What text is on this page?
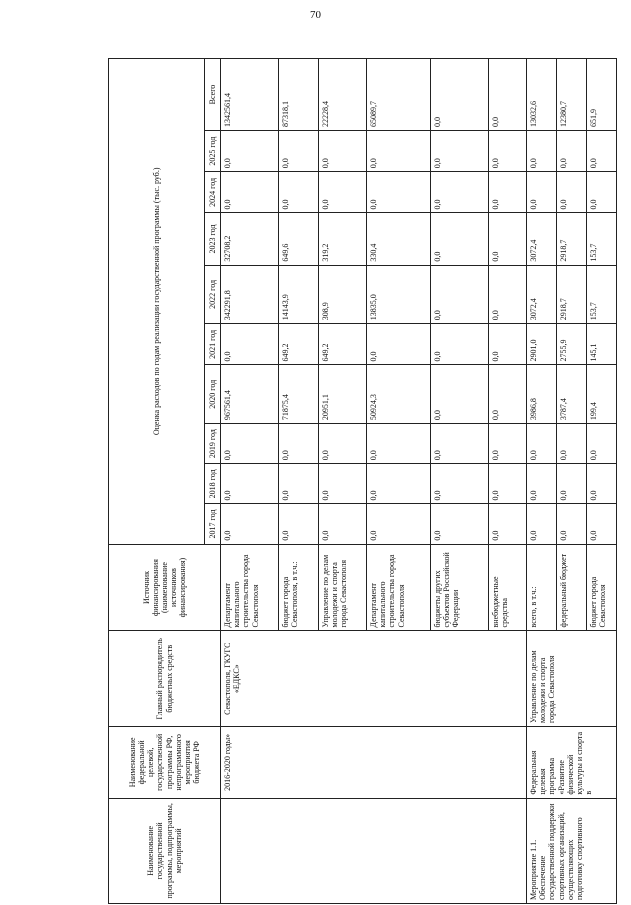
70
Наименование государственной программы, подпрограммы, мероприятий	Наименование федеральной целевой, государственной программы РФ, непрограммного мероприятия бюджета РФ	Главный распорядитель бюджетных средств	Источник финансирования (наименование источников финансирования)	Оценка расходов по годам реализации государственной программы (тыс. руб.)									
				2017 год	2018 год	2019 год	2020 год	2021 год	2022 год	2023 год	2024 год	2025 год	Всего
	2016-2020 годы»	Севастополя, ГКУГС «ЕДКС»	Департамент капитального строительства города Севастополя	0,0	0,0	0,0	967561,4	0,0	342291,8	32708,2	0,0	0,0	1342561,4
			бюджет города Севастополя, в т.ч.:	0,0	0,0	0,0	71875,4	649,2	14143,9	649,6	0,0	0,0	87318,1
			Управление по делам молодежи и спорта города Севастополя	0,0	0,0	0,0	20951,1	649,2	308,9	319,2	0,0	0,0	22228,4
			Департамент капитального строительства города Севастополя	0,0	0,0	0,0	50924,3	0,0	13835,0	330,4	0,0	0,0	65089,7
			бюджеты других субъектов Российской Федерации	0,0	0,0	0,0	0,0	0,0	0,0	0,0	0,0	0,0	0,0
			внебюджетные средства	0,0	0,0	0,0	0,0	0,0	0,0	0,0	0,0	0,0	0,0
Мероприятие 1.1. Обеспечение государственной поддержки спортивных организаций, осуществляющих подготовку спортивного	Федеральная целевая программа «Развитие физической культуры и спорта в	Управление по делам молодежи и спорта города Севастополя	всего, в т.ч.:	0,0	0,0	0,0	3986,8	2901,0	3072,4	3072,4	0,0	0,0	13032,6
			федеральный бюджет	0,0	0,0	0,0	3787,4	2755,9	2918,7	2918,7	0,0	0,0	12380,7
			бюджет города Севастополя	0,0	0,0	0,0	199,4	145,1	153,7	153,7	0,0	0,0	651,9
